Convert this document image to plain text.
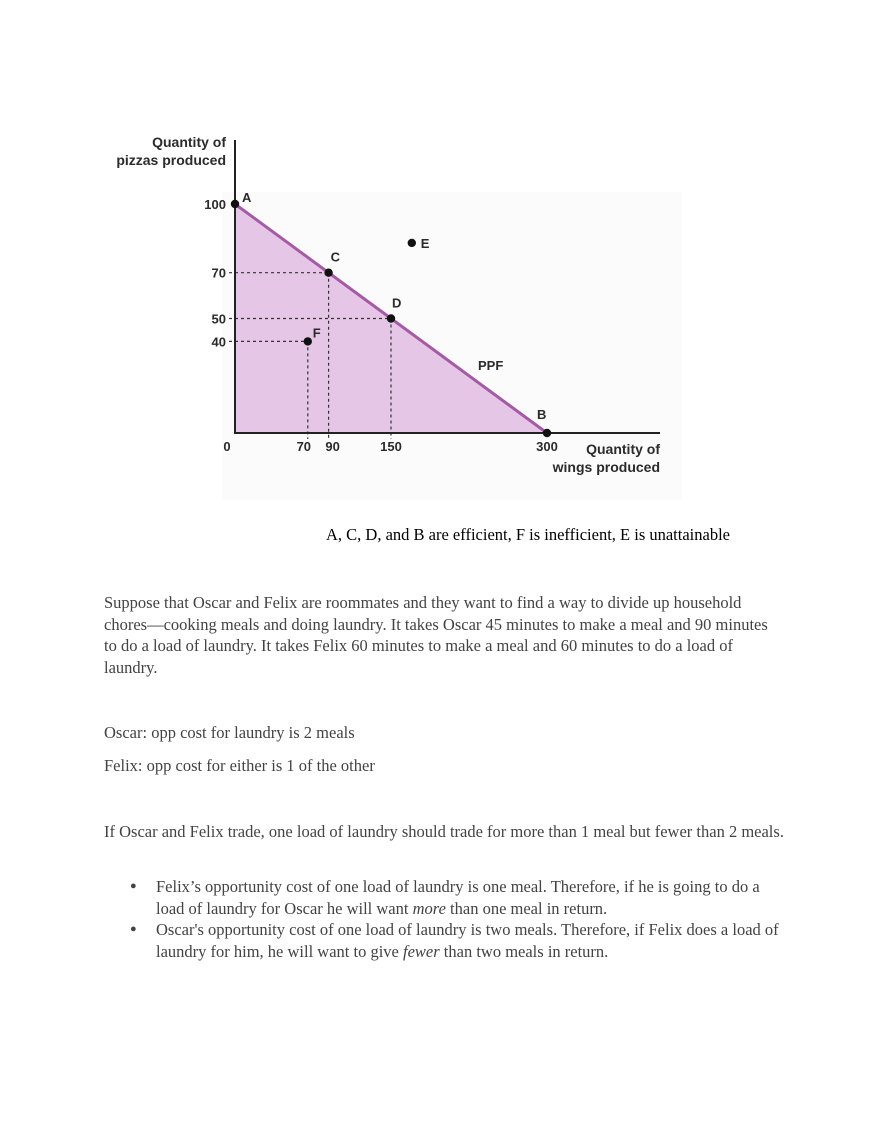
100
70
50
40
70 90	150	300
A
C
D
F
E
B
Quantity of
pizzas produced
Quantity of
wings produced
PPF
0
A, C, D, and B are efficient, F is inefficient, E is unattainable

Suppose that Oscar and Felix are roommates and they want to find a way to divide up household chores—cooking meals and doing laundry. It takes Oscar 45 minutes to make a meal and 90 minutes to do a load of laundry. It takes Felix 60 minutes to make a meal and 60 minutes to do a load of laundry.

Oscar: opp cost for laundry is 2 meals

Felix: opp cost for either is 1 of the other

If Oscar and Felix trade, one load of laundry should trade for more than 1 meal but fewer than 2 meals.

● Felix’s opportunity cost of one load of laundry is one meal. Therefore, if he is going to do a load of laundry for Oscar he will want more than one meal in return.
● Oscar's opportunity cost of one load of laundry is two meals. Therefore, if Felix does a load of laundry for him, he will want to give fewer than two meals in return.
